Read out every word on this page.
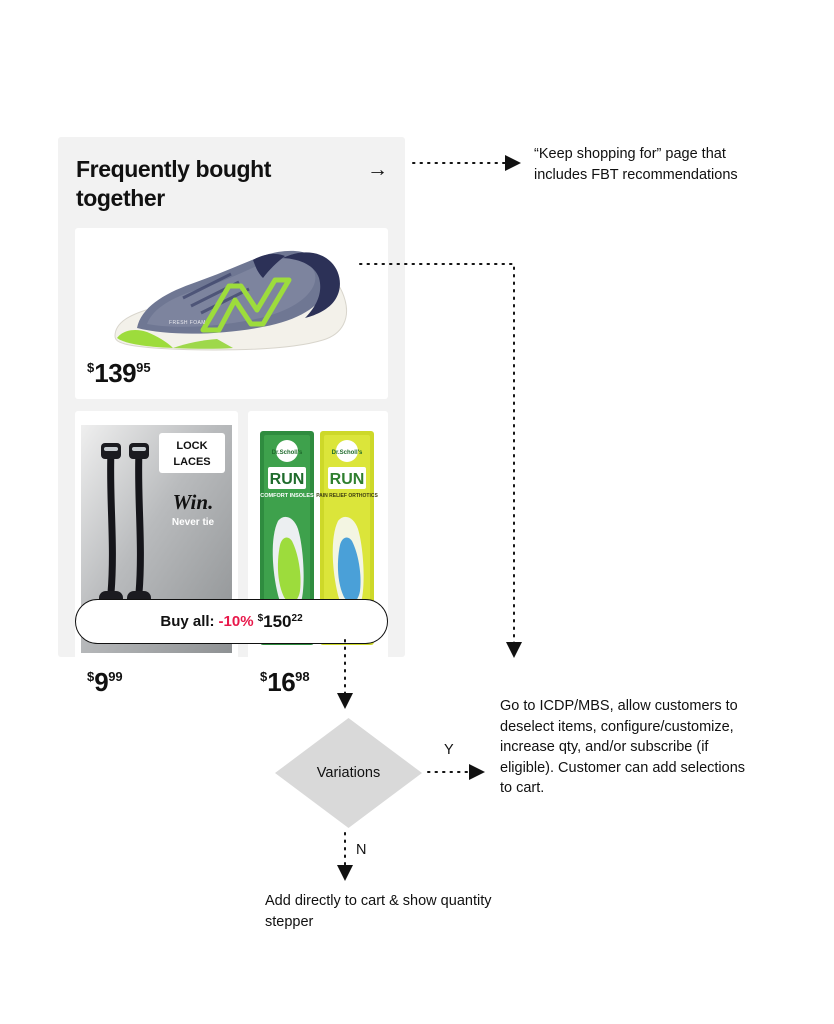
Frequently bought together
→
FRESH FOAM
$^{\$}139^{95}$
LOCK
LACES
Win.
Never tie
$^{\$}9^{99}$
Dr.Scholl's
RUN
COMFORT INSOLES
Dr.Scholl's
RUN
PAIN RELIEF ORTHOTICS
$^{\$}16^{98}$
Buy all: -10% $^{\$}150^{22}$
“Keep shopping for” page that includes FBT recommendations
Go to ICDP/MBS, allow customers to deselect items, configure/customize, increase qty, and/or subscribe (if eligible). Customer can add selections to cart.
Add directly to cart & show quantity stepper
Y
N
Variations
